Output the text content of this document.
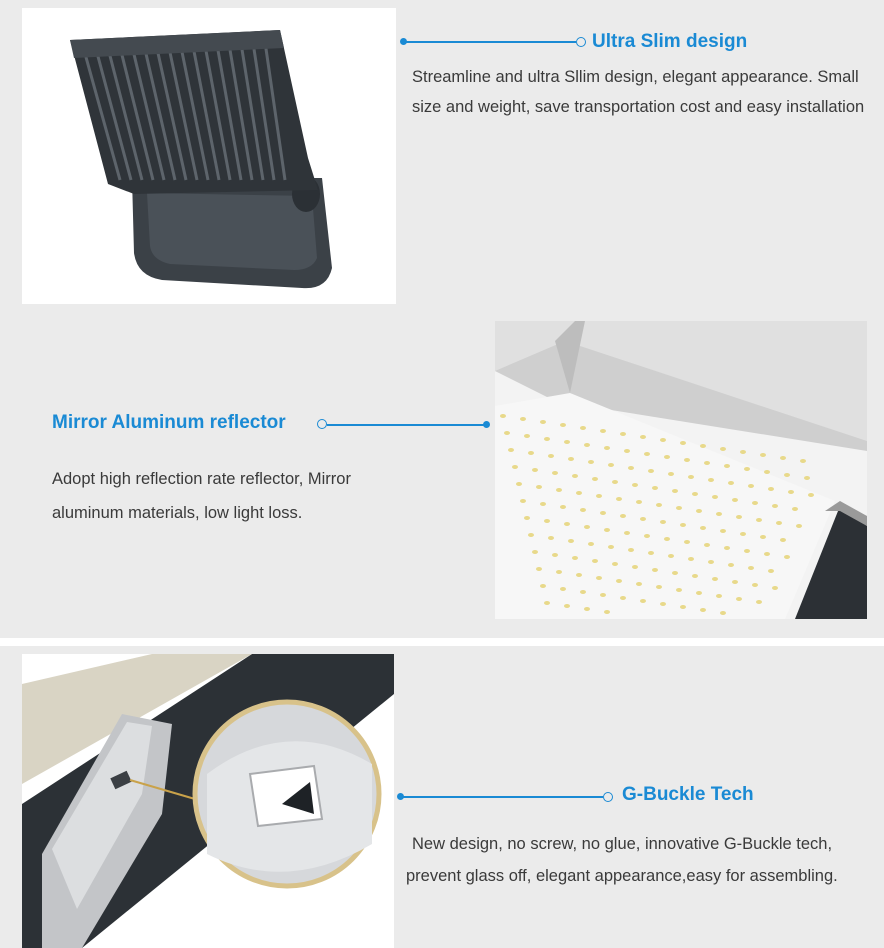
Ultra Slim design
Streamline and ultra Sllim design, elegant appearance. Small size and weight, save transportation cost and easy installation
Mirror Aluminum reflector
Adopt high reflection rate reflector, Mirror aluminum materials, low light loss.
G-Buckle Tech
New design, no screw, no glue, innovative G-Buckle tech, prevent glass off, elegant appearance,easy for assembling.
